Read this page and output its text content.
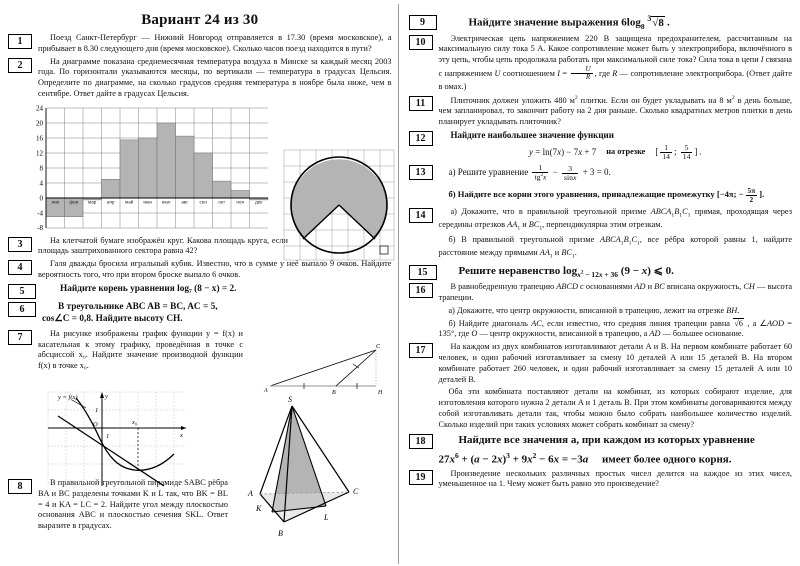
Вариант 24 из 30
1	Поезд Санкт-Петербург — Нижний Новгород отправляется в 17.30 (время московское), а прибывает в 8.30 следующего дня (время московское). Сколько часов поезд находится в пути?
2	На диаграмме показана среднемесячная температура воздуха в Минске за каждый месяц 2003 года. По горизонтали указываются месяцы, по вертикали — температура в градусах Цельсия. Определите по диаграмме, на сколько градусов средняя температура в ноябре была ниже, чем в сентябре. Ответ дайте в градусах Цельсия.
24
20
16
12
8
4
0
-4
-8
янв фев мар апр май июн июл авг сен окт ноя дек
3	На клетчатой бумаге изображён круг. Какова площадь круга, если площадь заштрихованного сектора равна 42?
4	Галя дважды бросила игральный кубик. Известно, что в сумме у неё выпало 9 очков. Найдите вероятность того, что при втором броске выпало 6 очков.
5	Найдите корень уравнения log₇ (8 − x) = 2.
6	В треугольнике ABC AB = BC, AC = 5,
cos∠C = 0,8. Найдите высоту CH.
7	На рисунке изображены график функции y = f(x) и касательная к этому графику, проведённая в точке с абсциссой x₀. Найдите значение производной функции f(x) в точке x₀.
8	В правильной треугольной пирамиде SABC рёбра BA и BC разделены точками K и L так, что BK = BL = 4 и KA = LC = 2. Найдите угол между плоскостью основания ABC и плоскостью сечения SKL. Ответ выразите в градусах.
A	B	H
C
y = f(x)	y
x
O
1
1
x₀
S
A
B
C
K
L
9	Найдите значение выражения $6\log_8$ $^3$√8 .
10	Электрическая цепь напряжением 220 В защищена предохранителем, рассчитанным на максимальную силу тока 5 А. Какое сопротивление может быть у электроприбора, включённого в эту цепь, чтобы цепь продолжала работать при максимальной силе тока? Сила тока в цепи I связана с напряжением U соотношением $I = \frac{U}{R}$ , где R — сопротивление электроприбора. (Ответ дайте в омах.)
11	Плиточник должен уложить 480 $м^2$ плитки. Если он будет укладывать на 8 $м^2$ в день больше, чем запланировал, то закончит работу на 2 дня раньше. Сколько квадратных метров плитки в день планирует укладывать плиточник?
12	Найдите наибольшее значение функции
y = ln(7x) − 7x + 7 на отрезке [ $\frac{1}{14}$ ; $\frac{5}{14}$ ] .
13	а) Решите уравнение $\frac{1}{tg^2x} - \frac{3}{\sin x} + 3 = 0$.
б) Найдите все корни этого уравнения, принадлежащие промежутку [−4π; − $\frac{5\pi}{2}$ ].
14	а) Докажите, что в правильной треугольной призме $ABCA_1B_1C_1$ прямая, проходящая через середины отрезков $AA_1$ и $BC_1$, перпендикулярна этим отрезкам.
б) В правильной треугольной призме $ABCA_1B_1C_1$, все рёбра которой равны 1, найдите расстояние между прямыми $AA_1$ и $BC_1$.
15	Решите неравенство $\log_{x^2 - 12x + 36} (9 - x)$ ⩽ 0.
16	В равнобедренную трапецию ABCD с основаниями AD и BC вписана окружность, CH — высота трапеции.
а) Докажите, что центр окружности, вписанной в трапецию, лежит на отрезке BH.
б) Найдите диагональ AC, если известно, что средняя линия трапеции равна √6 , а ∠AOD = 135°, где O — центр окружности, вписанной в трапецию, а AD — большее основание.
17	На каждом из двух комбинатов изготавливают детали A и B. На первом комбинате работает 60 человек, и один рабочий изготавливает за смену 10 деталей A или 15 деталей B. На втором комбинате работает 260 человек, и один рабочий изготавливает за смену 15 деталей A или 10 деталей B.
Оба эти комбината поставляют детали на комбинат, из которых собирают изделие, для изготовления которого нужна 2 детали A и 1 деталь B. При этом комбинаты договариваются между собой изготавливать детали так, чтобы можно было собрать наибольшее количество изделий. Сколько изделий при таких условиях может собрать комбинат за смену?
18	Найдите все значения a, при каждом из которых уравнение
$27x^6 + (a - 2x)^3 + 9x^2 - 6x = -3a$     имеет более одного корня.
19	Произведение нескольких различных простых чисел делится на каждое из этих чисел, уменьшенное на 1. Чему может быть равно это произведение?
